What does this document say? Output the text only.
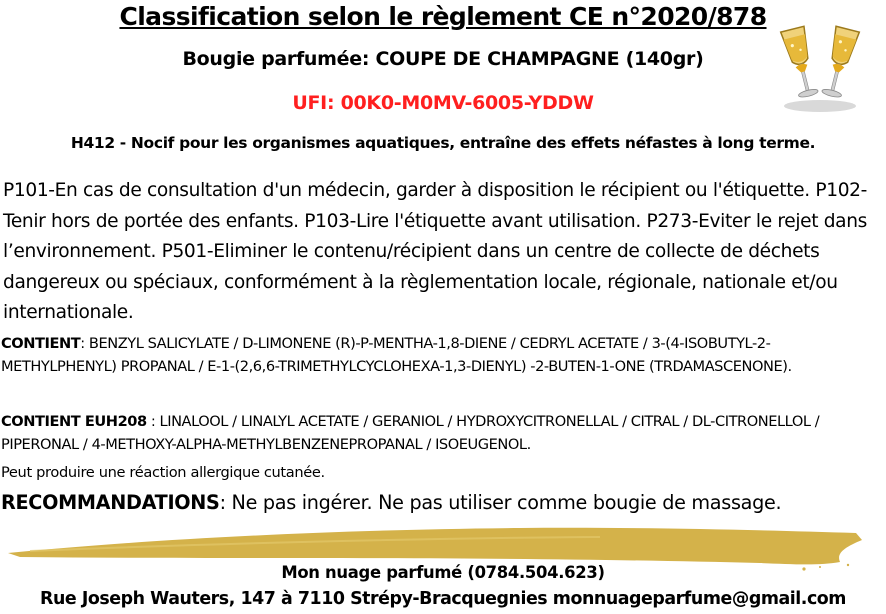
Classification selon le règlement CE n°2020/878

Bougie parfumée: COUPE DE CHAMPAGNE (140gr)

UFI: 00K0-M0MV-6005-YDDW

H412 - Nocif pour les organismes aquatiques, entraîne des effets néfastes à long terme.

P101-En cas de consultation d'un médecin, garder à disposition le récipient ou l'étiquette. P102-Tenir hors de portée des enfants. P103-Lire l'étiquette avant utilisation. P273-Eviter le rejet dans l’environnement. P501-Eliminer le contenu/récipient dans un centre de collecte de déchets dangereux ou spéciaux, conformément à la règlementation locale, régionale, nationale et/ou internationale.

CONTIENT: BENZYL SALICYLATE / D-LIMONENE (R)-P-MENTHA-1,8-DIENE / CEDRYL ACETATE / 3-(4-ISOBUTYL-2-METHYLPHENYL) PROPANAL / E-1-(2,6,6-TRIMETHYLCYCLOHEXA-1,3-DIENYL) -2-BUTEN-1-ONE (TRDAMASCENONE).

CONTIENT EUH208 : LINALOOL / LINALYL ACETATE / GERANIOL / HYDROXYCITRONELLAL / CITRAL / DL-CITRONELLOL / PIPERONAL / 4-METHOXY-ALPHA-METHYLBENZENEPROPANAL / ISOEUGENOL.

Peut produire une réaction allergique cutanée.

RECOMMANDATIONS: Ne pas ingérer. Ne pas utiliser comme bougie de massage.

Mon nuage parfumé (0784.504.623)

Rue Joseph Wauters, 147 à 7110 Strépy-Bracquegnies monnuageparfume@gmail.com
